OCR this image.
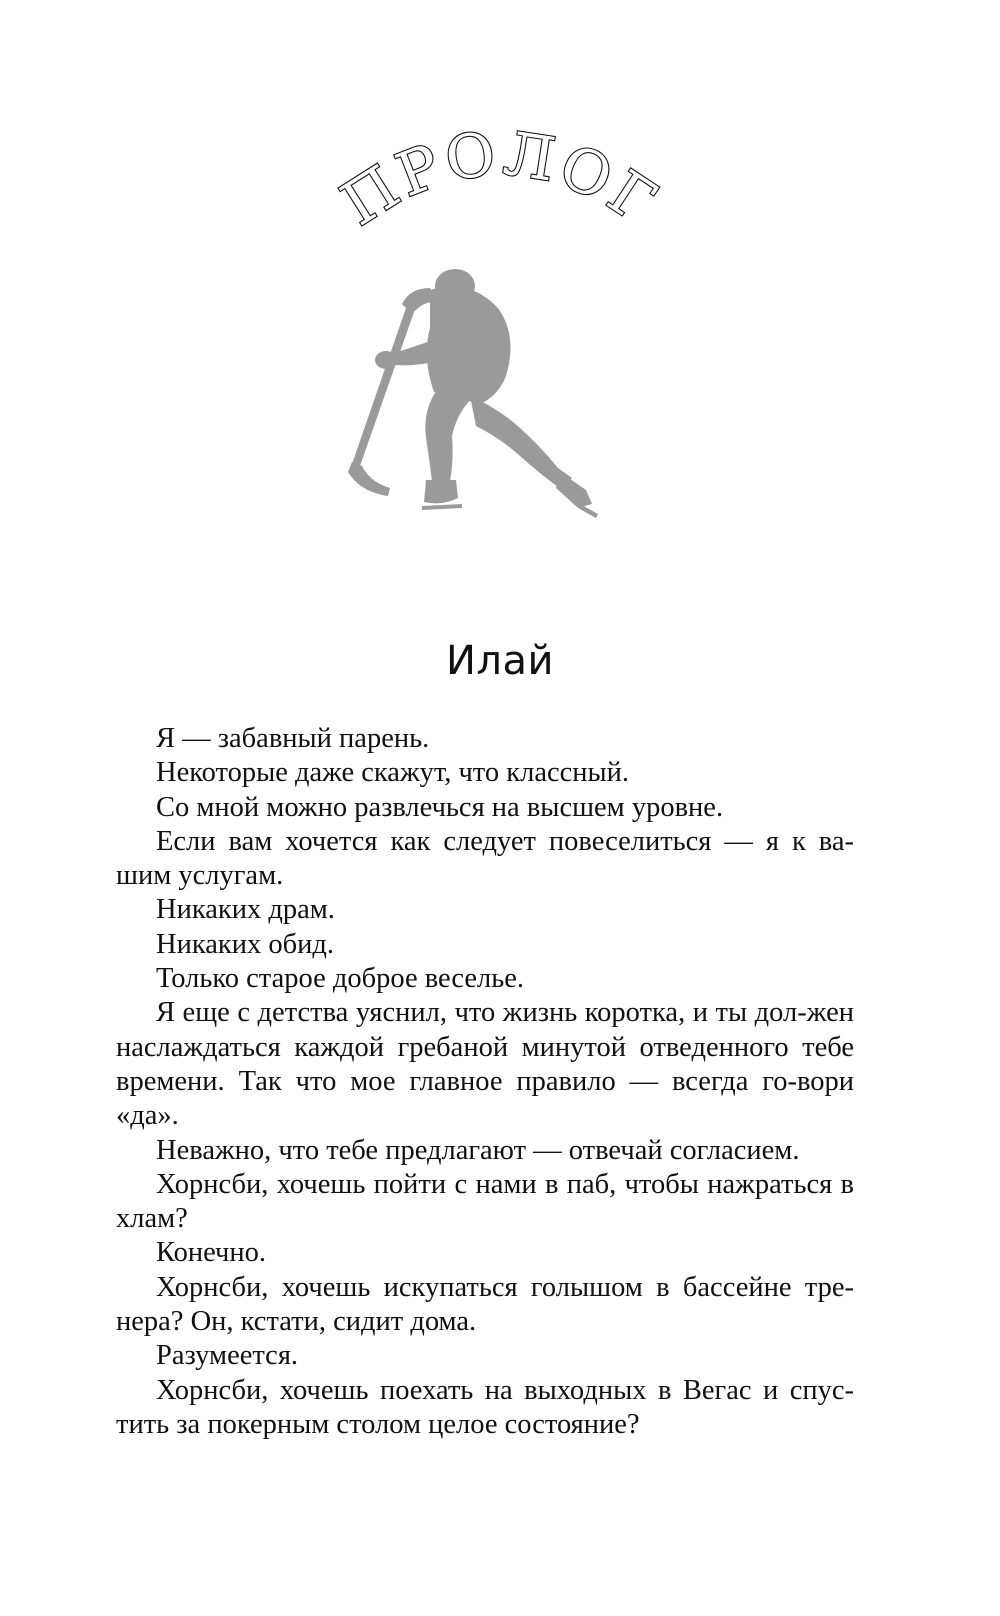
ПРОЛОГ
Илай

Я — забавный парень.

Некоторые даже скажут, что классный.

Со мной можно развлечься на высшем уровне.

Если вам хочется как следует повеселиться — я к ва-шим услугам.

Никаких драм.

Никаких обид.

Только старое доброе веселье.

Я еще с детства уяснил, что жизнь коротка, и ты дол-жен наслаждаться каждой гребаной минутой отведенного тебе времени. Так что мое главное правило — всегда го-вори «да».

Неважно, что тебе предлагают — отвечай согласием.

Хорнсби, хочешь пойти с нами в паб, чтобы нажраться в хлам?

Конечно.

Хорнсби, хочешь искупаться голышом в бассейне тре-нера? Он, кстати, сидит дома.

Разумеется.

Хорнсби, хочешь поехать на выходных в Вегас и спус-тить за покерным столом целое состояние?
